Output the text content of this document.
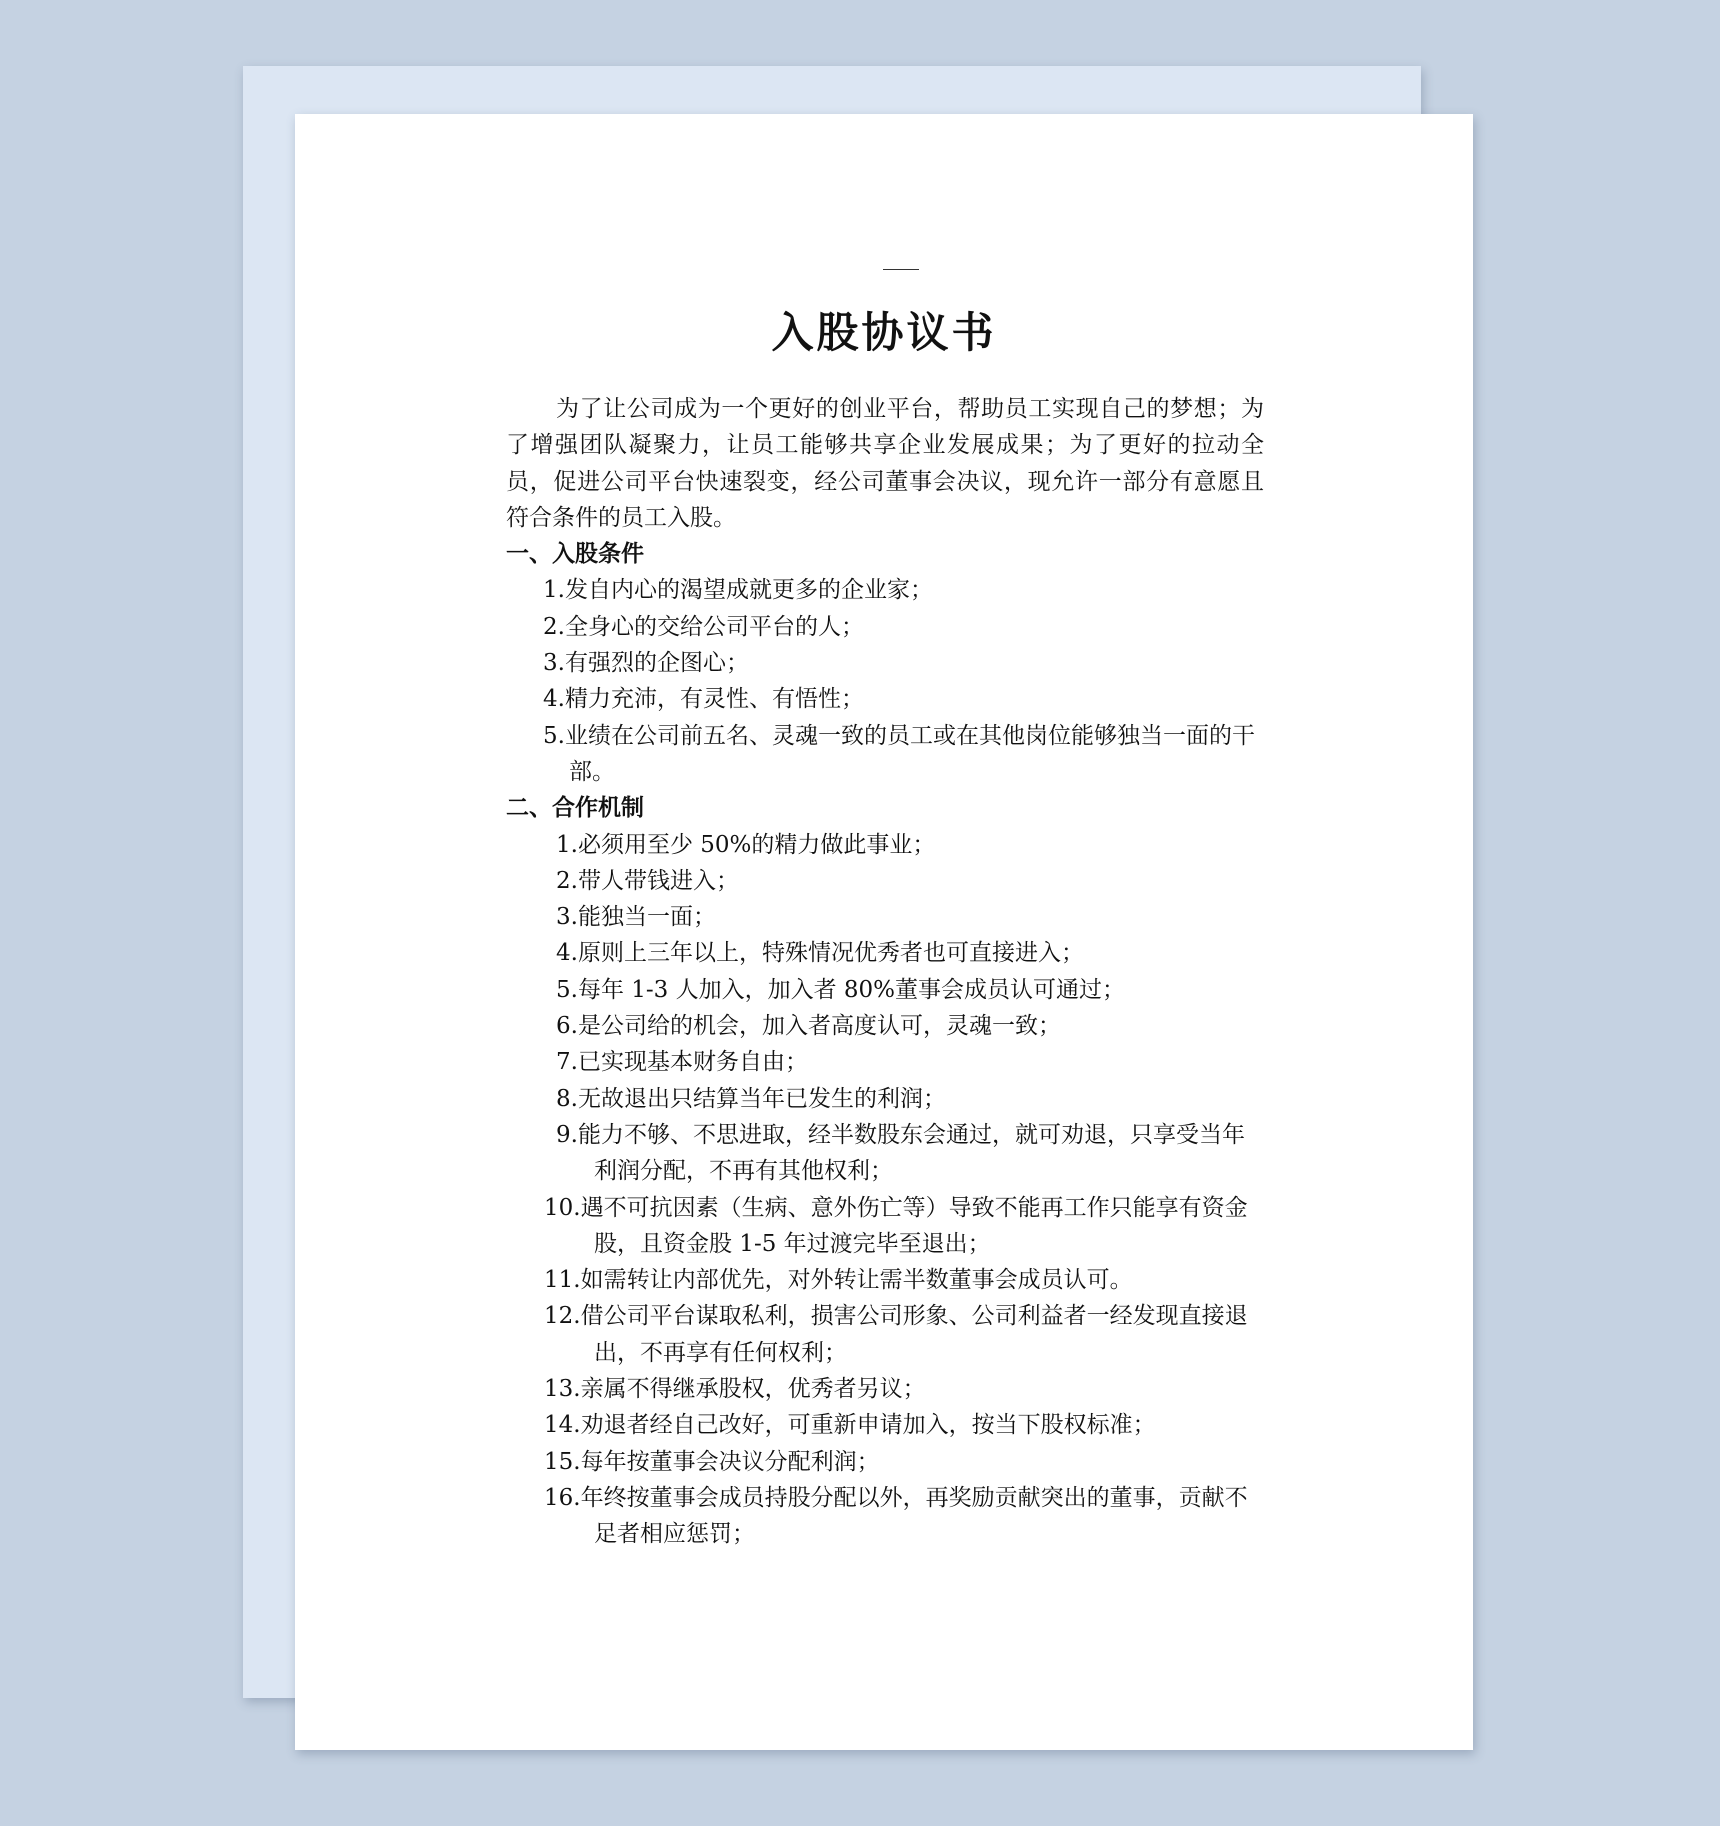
入股协议书

为了让公司成为一个更好的创业平台，帮助员工实现自己的梦想；为了增强团队凝聚力，让员工能够共享企业发展成果；为了更好的拉动全员，促进公司平台快速裂变，经公司董事会决议，现允许一部分有意愿且符合条件的员工入股。

一、入股条件

1.发自内心的渴望成就更多的企业家；
2.全身心的交给公司平台的人；
3.有强烈的企图心；
4.精力充沛，有灵性、有悟性；
5.业绩在公司前五名、灵魂一致的员工或在其他岗位能够独当一面的干部。

二、合作机制

1.必须用至少 50%的精力做此事业；
2.带人带钱进入；
3.能独当一面；
4.原则上三年以上，特殊情况优秀者也可直接进入；
5.每年 1-3 人加入，加入者 80%董事会成员认可通过；
6.是公司给的机会，加入者高度认可，灵魂一致；
7.已实现基本财务自由；
8.无故退出只结算当年已发生的利润；
9.能力不够、不思进取，经半数股东会通过，就可劝退，只享受当年利润分配，不再有其他权利；
10.遇不可抗因素（生病、意外伤亡等）导致不能再工作只能享有资金股，且资金股 1-5 年过渡完毕至退出；
11.如需转让内部优先，对外转让需半数董事会成员认可。
12.借公司平台谋取私利，损害公司形象、公司利益者一经发现直接退出，不再享有任何权利；
13.亲属不得继承股权，优秀者另议；
14.劝退者经自己改好，可重新申请加入，按当下股权标准；
15.每年按董事会决议分配利润；
16.年终按董事会成员持股分配以外，再奖励贡献突出的董事，贡献不足者相应惩罚；
